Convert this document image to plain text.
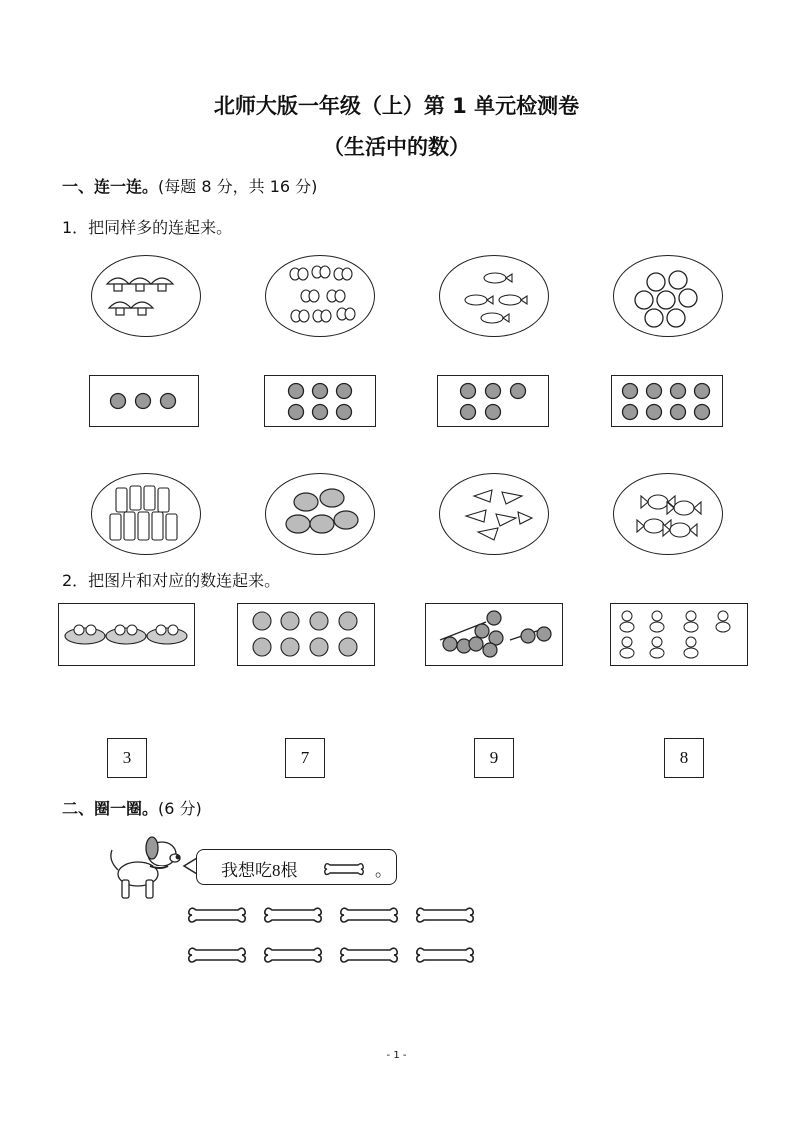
北师大版一年级（上）第 1 单元检测卷
（生活中的数）
一、连一连。(每题 8 分，共 16 分)
1．把同样多的连起来。
2．把图片和对应的数连起来。
3	7	9	8
二、圈一圈。(6 分)
我想吃8根	。
- 1 -
